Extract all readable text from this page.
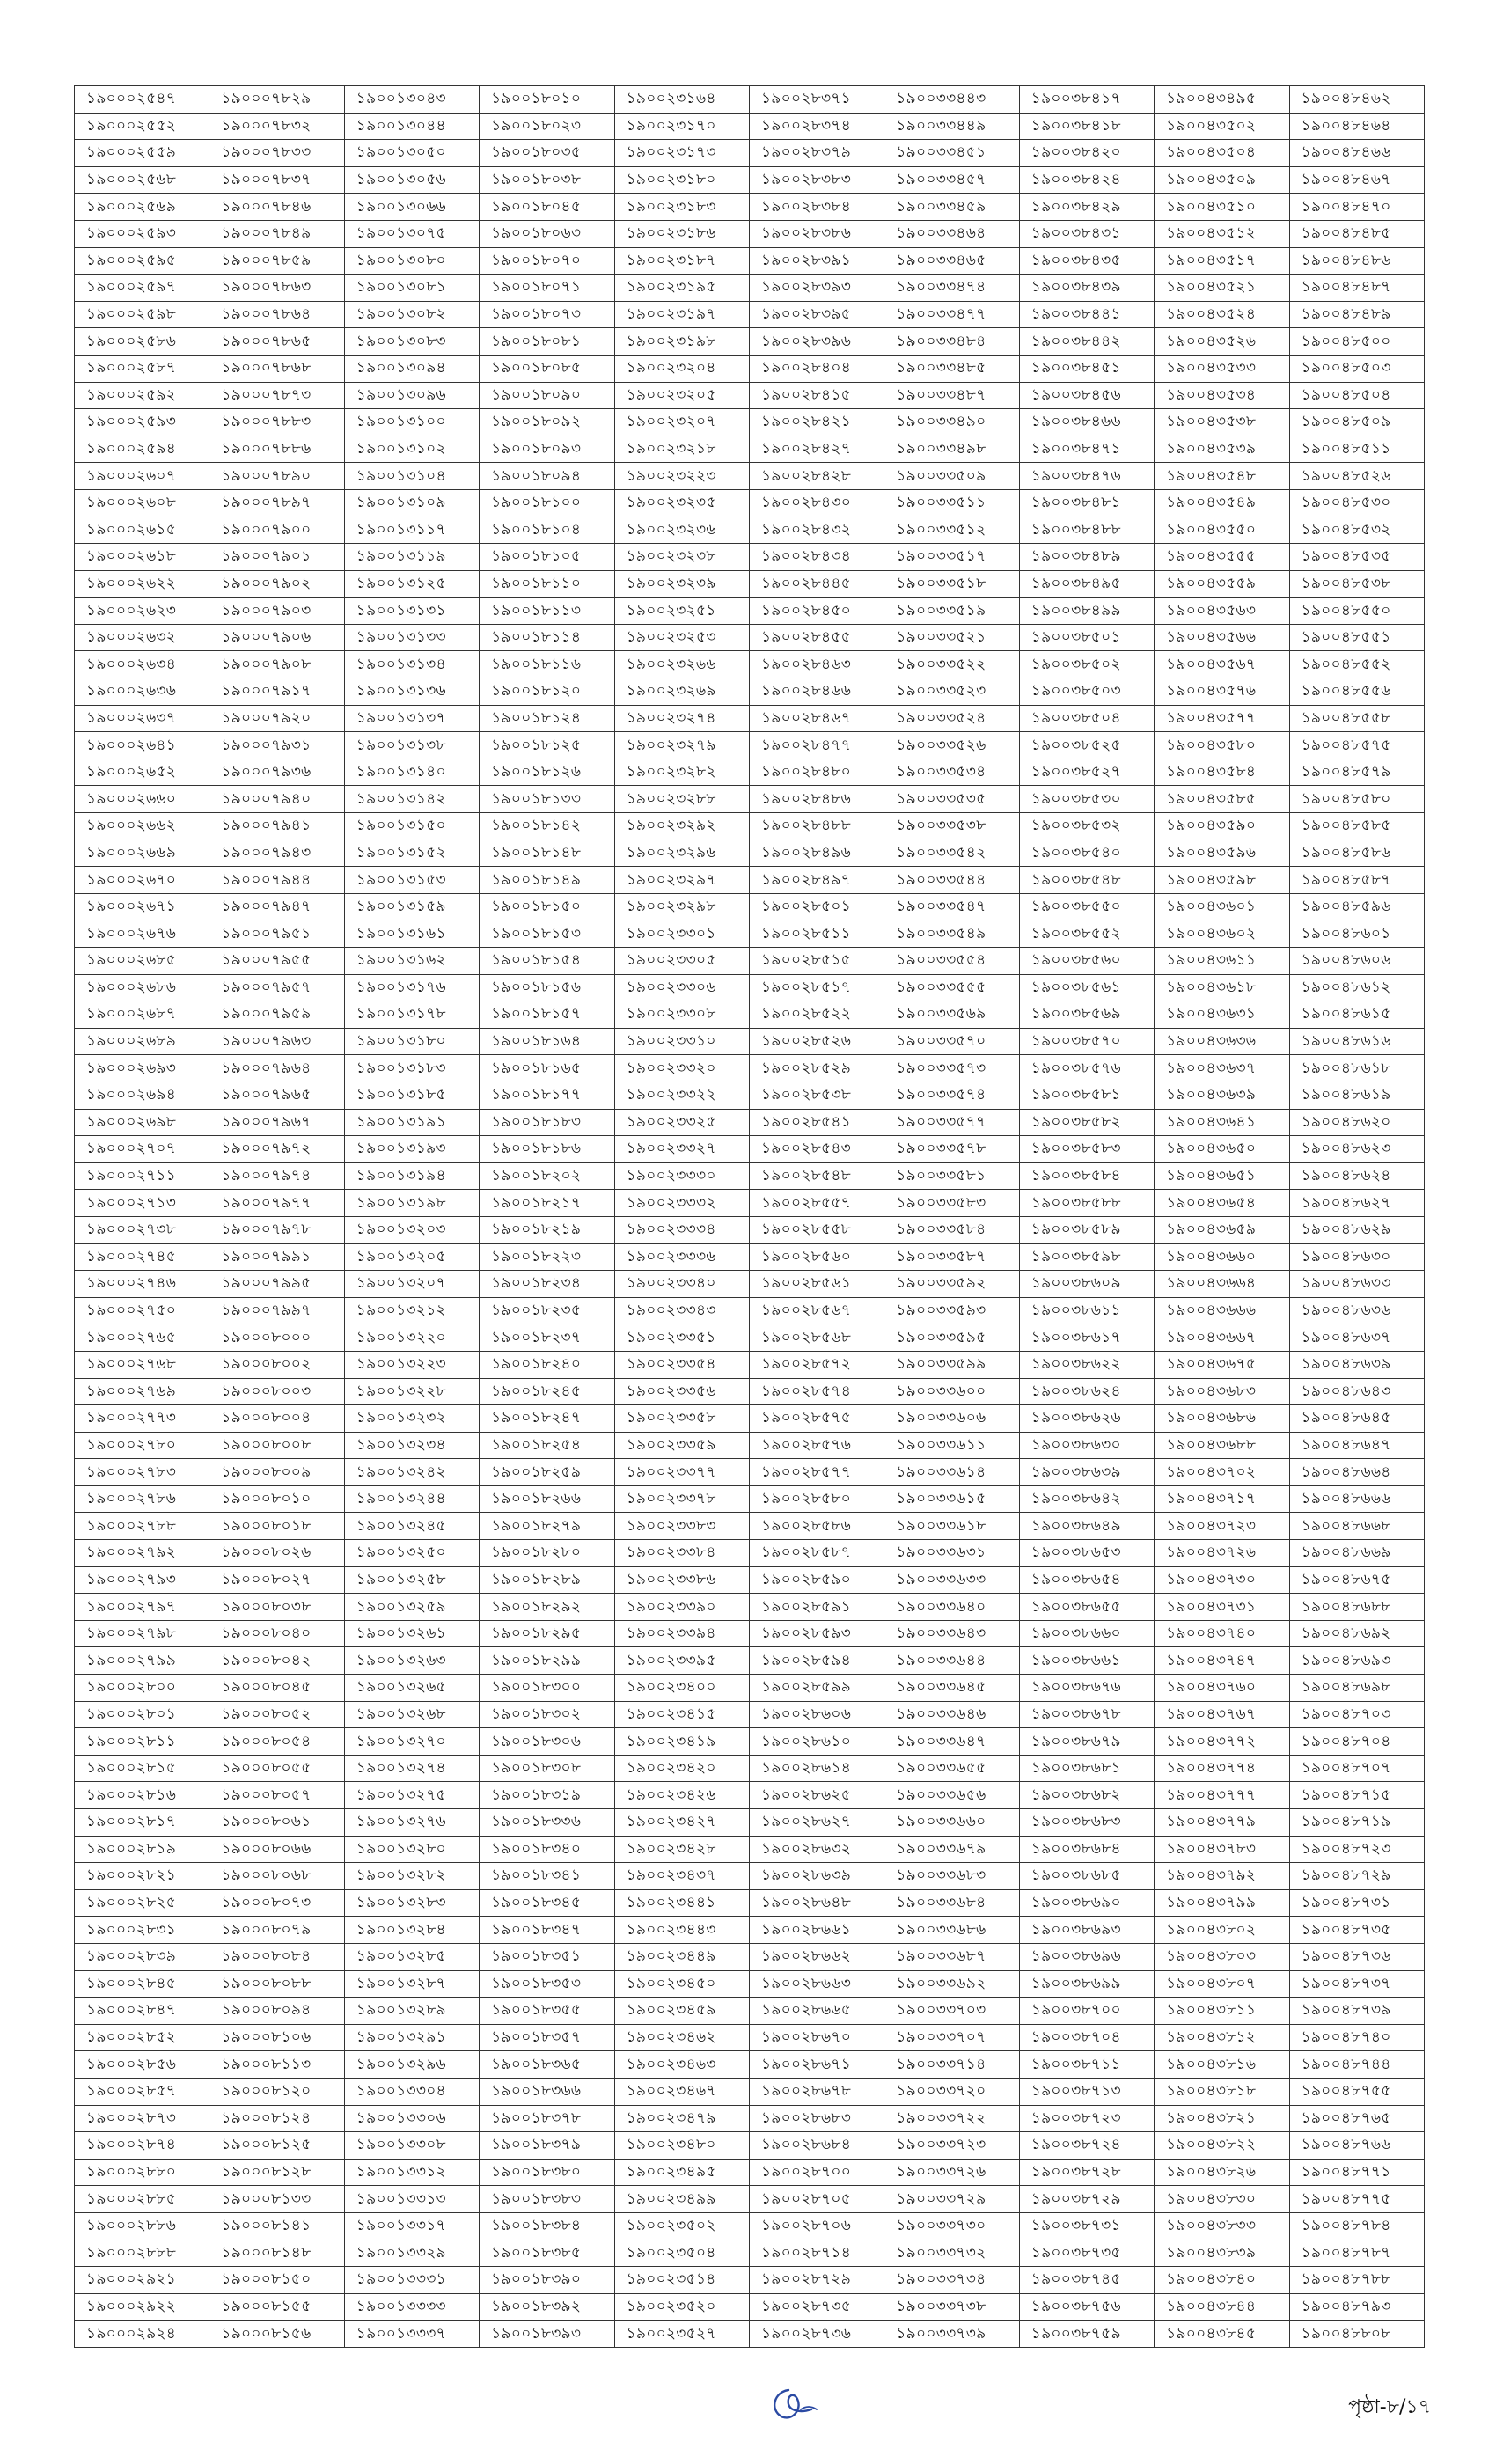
১৯০০০২৫৪৭	১৯০০০৭৮২৯	১৯০০১৩০৪৩	১৯০০১৮০১০	১৯০০২৩১৬৪	১৯০০২৮৩৭১	১৯০০৩৩৪৪৩	১৯০০৩৮৪১৭	১৯০০৪৩৪৯৫	১৯০০৪৮৪৬২
১৯০০০২৫৫২	১৯০০০৭৮৩২	১৯০০১৩০৪৪	১৯০০১৮০২৩	১৯০০২৩১৭০	১৯০০২৮৩৭৪	১৯০০৩৩৪৪৯	১৯০০৩৮৪১৮	১৯০০৪৩৫০২	১৯০০৪৮৪৬৪
১৯০০০২৫৫৯	১৯০০০৭৮৩৩	১৯০০১৩০৫০	১৯০০১৮০৩৫	১৯০০২৩১৭৩	১৯০০২৮৩৭৯	১৯০০৩৩৪৫১	১৯০০৩৮৪২০	১৯০০৪৩৫০৪	১৯০০৪৮৪৬৬
১৯০০০২৫৬৮	১৯০০০৭৮৩৭	১৯০০১৩০৫৬	১৯০০১৮০৩৮	১৯০০২৩১৮০	১৯০০২৮৩৮৩	১৯০০৩৩৪৫৭	১৯০০৩৮৪২৪	১৯০০৪৩৫০৯	১৯০০৪৮৪৬৭
১৯০০০২৫৬৯	১৯০০০৭৮৪৬	১৯০০১৩০৬৬	১৯০০১৮০৪৫	১৯০০২৩১৮৩	১৯০০২৮৩৮৪	১৯০০৩৩৪৫৯	১৯০০৩৮৪২৯	১৯০০৪৩৫১০	১৯০০৪৮৪৭০
১৯০০০২৫৯৩	১৯০০০৭৮৪৯	১৯০০১৩০৭৫	১৯০০১৮০৬৩	১৯০০২৩১৮৬	১৯০০২৮৩৮৬	১৯০০৩৩৪৬৪	১৯০০৩৮৪৩১	১৯০০৪৩৫১২	১৯০০৪৮৪৮৫
১৯০০০২৫৯৫	১৯০০০৭৮৫৯	১৯০০১৩০৮০	১৯০০১৮০৭০	১৯০০২৩১৮৭	১৯০০২৮৩৯১	১৯০০৩৩৪৬৫	১৯০০৩৮৪৩৫	১৯০০৪৩৫১৭	১৯০০৪৮৪৮৬
১৯০০০২৫৯৭	১৯০০০৭৮৬৩	১৯০০১৩০৮১	১৯০০১৮০৭১	১৯০০২৩১৯৫	১৯০০২৮৩৯৩	১৯০০৩৩৪৭৪	১৯০০৩৮৪৩৯	১৯০০৪৩৫২১	১৯০০৪৮৪৮৭
১৯০০০২৫৯৮	১৯০০০৭৮৬৪	১৯০০১৩০৮২	১৯০০১৮০৭৩	১৯০০২৩১৯৭	১৯০০২৮৩৯৫	১৯০০৩৩৪৭৭	১৯০০৩৮৪৪১	১৯০০৪৩৫২৪	১৯০০৪৮৪৮৯
১৯০০০২৫৮৬	১৯০০০৭৮৬৫	১৯০০১৩০৮৩	১৯০০১৮০৮১	১৯০০২৩১৯৮	১৯০০২৮৩৯৬	১৯০০৩৩৪৮৪	১৯০০৩৮৪৪২	১৯০০৪৩৫২৬	১৯০০৪৮৫০০
১৯০০০২৫৮৭	১৯০০০৭৮৬৮	১৯০০১৩০৯৪	১৯০০১৮০৮৫	১৯০০২৩২০৪	১৯০০২৮৪০৪	১৯০০৩৩৪৮৫	১৯০০৩৮৪৫১	১৯০০৪৩৫৩৩	১৯০০৪৮৫০৩
১৯০০০২৫৯২	১৯০০০৭৮৭৩	১৯০০১৩০৯৬	১৯০০১৮০৯০	১৯০০২৩২০৫	১৯০০২৮৪১৫	১৯০০৩৩৪৮৭	১৯০০৩৮৪৫৬	১৯০০৪৩৫৩৪	১৯০০৪৮৫০৪
১৯০০০২৫৯৩	১৯০০০৭৮৮৩	১৯০০১৩১০০	১৯০০১৮০৯২	১৯০০২৩২০৭	১৯০০২৮৪২১	১৯০০৩৩৪৯০	১৯০০৩৮৪৬৬	১৯০০৪৩৫৩৮	১৯০০৪৮৫০৯
১৯০০০২৫৯৪	১৯০০০৭৮৮৬	১৯০০১৩১০২	১৯০০১৮০৯৩	১৯০০২৩২১৮	১৯০০২৮৪২৭	১৯০০৩৩৪৯৮	১৯০০৩৮৪৭১	১৯০০৪৩৫৩৯	১৯০০৪৮৫১১
১৯০০০২৬০৭	১৯০০০৭৮৯০	১৯০০১৩১০৪	১৯০০১৮০৯৪	১৯০০২৩২২৩	১৯০০২৮৪২৮	১৯০০৩৩৫০৯	১৯০০৩৮৪৭৬	১৯০০৪৩৫৪৮	১৯০০৪৮৫২৬
১৯০০০২৬০৮	১৯০০০৭৮৯৭	১৯০০১৩১০৯	১৯০০১৮১০০	১৯০০২৩২৩৫	১৯০০২৮৪৩০	১৯০০৩৩৫১১	১৯০০৩৮৪৮১	১৯০০৪৩৫৪৯	১৯০০৪৮৫৩০
১৯০০০২৬১৫	১৯০০০৭৯০০	১৯০০১৩১১৭	১৯০০১৮১০৪	১৯০০২৩২৩৬	১৯০০২৮৪৩২	১৯০০৩৩৫১২	১৯০০৩৮৪৮৮	১৯০০৪৩৫৫০	১৯০০৪৮৫৩২
১৯০০০২৬১৮	১৯০০০৭৯০১	১৯০০১৩১১৯	১৯০০১৮১০৫	১৯০০২৩২৩৮	১৯০০২৮৪৩৪	১৯০০৩৩৫১৭	১৯০০৩৮৪৮৯	১৯০০৪৩৫৫৫	১৯০০৪৮৫৩৫
১৯০০০২৬২২	১৯০০০৭৯০২	১৯০০১৩১২৫	১৯০০১৮১১০	১৯০০২৩২৩৯	১৯০০২৮৪৪৫	১৯০০৩৩৫১৮	১৯০০৩৮৪৯৫	১৯০০৪৩৫৫৯	১৯০০৪৮৫৩৮
১৯০০০২৬২৩	১৯০০০৭৯০৩	১৯০০১৩১৩১	১৯০০১৮১১৩	১৯০০২৩২৫১	১৯০০২৮৪৫০	১৯০০৩৩৫১৯	১৯০০৩৮৪৯৯	১৯০০৪৩৫৬৩	১৯০০৪৮৫৫০
১৯০০০২৬৩২	১৯০০০৭৯০৬	১৯০০১৩১৩৩	১৯০০১৮১১৪	১৯০০২৩২৫৩	১৯০০২৮৪৫৫	১৯০০৩৩৫২১	১৯০০৩৮৫০১	১৯০০৪৩৫৬৬	১৯০০৪৮৫৫১
১৯০০০২৬৩৪	১৯০০০৭৯০৮	১৯০০১৩১৩৪	১৯০০১৮১১৬	১৯০০২৩২৬৬	১৯০০২৮৪৬৩	১৯০০৩৩৫২২	১৯০০৩৮৫০২	১৯০০৪৩৫৬৭	১৯০০৪৮৫৫২
১৯০০০২৬৩৬	১৯০০০৭৯১৭	১৯০০১৩১৩৬	১৯০০১৮১২০	১৯০০২৩২৬৯	১৯০০২৮৪৬৬	১৯০০৩৩৫২৩	১৯০০৩৮৫০৩	১৯০০৪৩৫৭৬	১৯০০৪৮৫৫৬
১৯০০০২৬৩৭	১৯০০০৭৯২০	১৯০০১৩১৩৭	১৯০০১৮১২৪	১৯০০২৩২৭৪	১৯০০২৮৪৬৭	১৯০০৩৩৫২৪	১৯০০৩৮৫০৪	১৯০০৪৩৫৭৭	১৯০০৪৮৫৫৮
১৯০০০২৬৪১	১৯০০০৭৯৩১	১৯০০১৩১৩৮	১৯০০১৮১২৫	১৯০০২৩২৭৯	১৯০০২৮৪৭৭	১৯০০৩৩৫২৬	১৯০০৩৮৫২৫	১৯০০৪৩৫৮০	১৯০০৪৮৫৭৫
১৯০০০২৬৫২	১৯০০০৭৯৩৬	১৯০০১৩১৪০	১৯০০১৮১২৬	১৯০০২৩২৮২	১৯০০২৮৪৮০	১৯০০৩৩৫৩৪	১৯০০৩৮৫২৭	১৯০০৪৩৫৮৪	১৯০০৪৮৫৭৯
১৯০০০২৬৬০	১৯০০০৭৯৪০	১৯০০১৩১৪২	১৯০০১৮১৩৩	১৯০০২৩২৮৮	১৯০০২৮৪৮৬	১৯০০৩৩৫৩৫	১৯০০৩৮৫৩০	১৯০০৪৩৫৮৫	১৯০০৪৮৫৮০
১৯০০০২৬৬২	১৯০০০৭৯৪১	১৯০০১৩১৫০	১৯০০১৮১৪২	১৯০০২৩২৯২	১৯০০২৮৪৮৮	১৯০০৩৩৫৩৮	১৯০০৩৮৫৩২	১৯০০৪৩৫৯০	১৯০০৪৮৫৮৫
১৯০০০২৬৬৯	১৯০০০৭৯৪৩	১৯০০১৩১৫২	১৯০০১৮১৪৮	১৯০০২৩২৯৬	১৯০০২৮৪৯৬	১৯০০৩৩৫৪২	১৯০০৩৮৫৪০	১৯০০৪৩৫৯৬	১৯০০৪৮৫৮৬
১৯০০০২৬৭০	১৯০০০৭৯৪৪	১৯০০১৩১৫৩	১৯০০১৮১৪৯	১৯০০২৩২৯৭	১৯০০২৮৪৯৭	১৯০০৩৩৫৪৪	১৯০০৩৮৫৪৮	১৯০০৪৩৫৯৮	১৯০০৪৮৫৮৭
১৯০০০২৬৭১	১৯০০০৭৯৪৭	১৯০০১৩১৫৯	১৯০০১৮১৫০	১৯০০২৩২৯৮	১৯০০২৮৫০১	১৯০০৩৩৫৪৭	১৯০০৩৮৫৫০	১৯০০৪৩৬০১	১৯০০৪৮৫৯৬
১৯০০০২৬৭৬	১৯০০০৭৯৫১	১৯০০১৩১৬১	১৯০০১৮১৫৩	১৯০০২৩৩০১	১৯০০২৮৫১১	১৯০০৩৩৫৪৯	১৯০০৩৮৫৫২	১৯০০৪৩৬০২	১৯০০৪৮৬০১
১৯০০০২৬৮৫	১৯০০০৭৯৫৫	১৯০০১৩১৬২	১৯০০১৮১৫৪	১৯০০২৩৩০৫	১৯০০২৮৫১৫	১৯০০৩৩৫৫৪	১৯০০৩৮৫৬০	১৯০০৪৩৬১১	১৯০০৪৮৬০৬
১৯০০০২৬৮৬	১৯০০০৭৯৫৭	১৯০০১৩১৭৬	১৯০০১৮১৫৬	১৯০০২৩৩০৬	১৯০০২৮৫১৭	১৯০০৩৩৫৫৫	১৯০০৩৮৫৬১	১৯০০৪৩৬১৮	১৯০০৪৮৬১২
১৯০০০২৬৮৭	১৯০০০৭৯৫৯	১৯০০১৩১৭৮	১৯০০১৮১৫৭	১৯০০২৩৩০৮	১৯০০২৮৫২২	১৯০০৩৩৫৬৯	১৯০০৩৮৫৬৯	১৯০০৪৩৬৩১	১৯০০৪৮৬১৫
১৯০০০২৬৮৯	১৯০০০৭৯৬৩	১৯০০১৩১৮০	১৯০০১৮১৬৪	১৯০০২৩৩১০	১৯০০২৮৫২৬	১৯০০৩৩৫৭০	১৯০০৩৮৫৭০	১৯০০৪৩৬৩৬	১৯০০৪৮৬১৬
১৯০০০২৬৯৩	১৯০০০৭৯৬৪	১৯০০১৩১৮৩	১৯০০১৮১৬৫	১৯০০২৩৩২০	১৯০০২৮৫২৯	১৯০০৩৩৫৭৩	১৯০০৩৮৫৭৬	১৯০০৪৩৬৩৭	১৯০০৪৮৬১৮
১৯০০০২৬৯৪	১৯০০০৭৯৬৫	১৯০০১৩১৮৫	১৯০০১৮১৭৭	১৯০০২৩৩২২	১৯০০২৮৫৩৮	১৯০০৩৩৫৭৪	১৯০০৩৮৫৮১	১৯০০৪৩৬৩৯	১৯০০৪৮৬১৯
১৯০০০২৬৯৮	১৯০০০৭৯৬৭	১৯০০১৩১৯১	১৯০০১৮১৮৩	১৯০০২৩৩২৫	১৯০০২৮৫৪১	১৯০০৩৩৫৭৭	১৯০০৩৮৫৮২	১৯০০৪৩৬৪১	১৯০০৪৮৬২০
১৯০০০২৭০৭	১৯০০০৭৯৭২	১৯০০১৩১৯৩	১৯০০১৮১৮৬	১৯০০২৩৩২৭	১৯০০২৮৫৪৩	১৯০০৩৩৫৭৮	১৯০০৩৮৫৮৩	১৯০০৪৩৬৫০	১৯০০৪৮৬২৩
১৯০০০২৭১১	১৯০০০৭৯৭৪	১৯০০১৩১৯৪	১৯০০১৮২০২	১৯০০২৩৩৩০	১৯০০২৮৫৪৮	১৯০০৩৩৫৮১	১৯০০৩৮৫৮৪	১৯০০৪৩৬৫১	১৯০০৪৮৬২৪
১৯০০০২৭১৩	১৯০০০৭৯৭৭	১৯০০১৩১৯৮	১৯০০১৮২১৭	১৯০০২৩৩৩২	১৯০০২৮৫৫৭	১৯০০৩৩৫৮৩	১৯০০৩৮৫৮৮	১৯০০৪৩৬৫৪	১৯০০৪৮৬২৭
১৯০০০২৭৩৮	১৯০০০৭৯৭৮	১৯০০১৩২০৩	১৯০০১৮২১৯	১৯০০২৩৩৩৪	১৯০০২৮৫৫৮	১৯০০৩৩৫৮৪	১৯০০৩৮৫৮৯	১৯০০৪৩৬৫৯	১৯০০৪৮৬২৯
১৯০০০২৭৪৫	১৯০০০৭৯৯১	১৯০০১৩২০৫	১৯০০১৮২২৩	১৯০০২৩৩৩৬	১৯০০২৮৫৬০	১৯০০৩৩৫৮৭	১৯০০৩৮৫৯৮	১৯০০৪৩৬৬০	১৯০০৪৮৬৩০
১৯০০০২৭৪৬	১৯০০০৭৯৯৫	১৯০০১৩২০৭	১৯০০১৮২৩৪	১৯০০২৩৩৪০	১৯০০২৮৫৬১	১৯০০৩৩৫৯২	১৯০০৩৮৬০৯	১৯০০৪৩৬৬৪	১৯০০৪৮৬৩৩
১৯০০০২৭৫০	১৯০০০৭৯৯৭	১৯০০১৩২১২	১৯০০১৮২৩৫	১৯০০২৩৩৪৩	১৯০০২৮৫৬৭	১৯০০৩৩৫৯৩	১৯০০৩৮৬১১	১৯০০৪৩৬৬৬	১৯০০৪৮৬৩৬
১৯০০০২৭৬৫	১৯০০০৮০০০	১৯০০১৩২২০	১৯০০১৮২৩৭	১৯০০২৩৩৫১	১৯০০২৮৫৬৮	১৯০০৩৩৫৯৫	১৯০০৩৮৬১৭	১৯০০৪৩৬৬৭	১৯০০৪৮৬৩৭
১৯০০০২৭৬৮	১৯০০০৮০০২	১৯০০১৩২২৩	১৯০০১৮২৪০	১৯০০২৩৩৫৪	১৯০০২৮৫৭২	১৯০০৩৩৫৯৯	১৯০০৩৮৬২২	১৯০০৪৩৬৭৫	১৯০০৪৮৬৩৯
১৯০০০২৭৬৯	১৯০০০৮০০৩	১৯০০১৩২২৮	১৯০০১৮২৪৫	১৯০০২৩৩৫৬	১৯০০২৮৫৭৪	১৯০০৩৩৬০০	১৯০০৩৮৬২৪	১৯০০৪৩৬৮৩	১৯০০৪৮৬৪৩
১৯০০০২৭৭৩	১৯০০০৮০০৪	১৯০০১৩২৩২	১৯০০১৮২৪৭	১৯০০২৩৩৫৮	১৯০০২৮৫৭৫	১৯০০৩৩৬০৬	১৯০০৩৮৬২৬	১৯০০৪৩৬৮৬	১৯০০৪৮৬৪৫
১৯০০০২৭৮০	১৯০০০৮০০৮	১৯০০১৩২৩৪	১৯০০১৮২৫৪	১৯০০২৩৩৫৯	১৯০০২৮৫৭৬	১৯০০৩৩৬১১	১৯০০৩৮৬৩০	১৯০০৪৩৬৮৮	১৯০০৪৮৬৪৭
১৯০০০২৭৮৩	১৯০০০৮০০৯	১৯০০১৩২৪২	১৯০০১৮২৫৯	১৯০০২৩৩৭৭	১৯০০২৮৫৭৭	১৯০০৩৩৬১৪	১৯০০৩৮৬৩৯	১৯০০৪৩৭০২	১৯০০৪৮৬৬৪
১৯০০০২৭৮৬	১৯০০০৮০১০	১৯০০১৩২৪৪	১৯০০১৮২৬৬	১৯০০২৩৩৭৮	১৯০০২৮৫৮০	১৯০০৩৩৬১৫	১৯০০৩৮৬৪২	১৯০০৪৩৭১৭	১৯০০৪৮৬৬৬
১৯০০০২৭৮৮	১৯০০০৮০১৮	১৯০০১৩২৪৫	১৯০০১৮২৭৯	১৯০০২৩৩৮৩	১৯০০২৮৫৮৬	১৯০০৩৩৬১৮	১৯০০৩৮৬৪৯	১৯০০৪৩৭২৩	১৯০০৪৮৬৬৮
১৯০০০২৭৯২	১৯০০০৮০২৬	১৯০০১৩২৫০	১৯০০১৮২৮০	১৯০০২৩৩৮৪	১৯০০২৮৫৮৭	১৯০০৩৩৬৩১	১৯০০৩৮৬৫৩	১৯০০৪৩৭২৬	১৯০০৪৮৬৬৯
১৯০০০২৭৯৩	১৯০০০৮০২৭	১৯০০১৩২৫৮	১৯০০১৮২৮৯	১৯০০২৩৩৮৬	১৯০০২৮৫৯০	১৯০০৩৩৬৩৩	১৯০০৩৮৬৫৪	১৯০০৪৩৭৩০	১৯০০৪৮৬৭৫
১৯০০০২৭৯৭	১৯০০০৮০৩৮	১৯০০১৩২৫৯	১৯০০১৮২৯২	১৯০০২৩৩৯০	১৯০০২৮৫৯১	১৯০০৩৩৬৪০	১৯০০৩৮৬৫৫	১৯০০৪৩৭৩১	১৯০০৪৮৬৮৮
১৯০০০২৭৯৮	১৯০০০৮০৪০	১৯০০১৩২৬১	১৯০০১৮২৯৫	১৯০০২৩৩৯৪	১৯০০২৮৫৯৩	১৯০০৩৩৬৪৩	১৯০০৩৮৬৬০	১৯০০৪৩৭৪০	১৯০০৪৮৬৯২
১৯০০০২৭৯৯	১৯০০০৮০৪২	১৯০০১৩২৬৩	১৯০০১৮২৯৯	১৯০০২৩৩৯৫	১৯০০২৮৫৯৪	১৯০০৩৩৬৪৪	১৯০০৩৮৬৬১	১৯০০৪৩৭৪৭	১৯০০৪৮৬৯৩
১৯০০০২৮০০	১৯০০০৮০৪৫	১৯০০১৩২৬৫	১৯০০১৮৩০০	১৯০০২৩৪০০	১৯০০২৮৫৯৯	১৯০০৩৩৬৪৫	১৯০০৩৮৬৭৬	১৯০০৪৩৭৬০	১৯০০৪৮৬৯৮
১৯০০০২৮০১	১৯০০০৮০৫২	১৯০০১৩২৬৮	১৯০০১৮৩০২	১৯০০২৩৪১৫	১৯০০২৮৬০৬	১৯০০৩৩৬৪৬	১৯০০৩৮৬৭৮	১৯০০৪৩৭৬৭	১৯০০৪৮৭০৩
১৯০০০২৮১১	১৯০০০৮০৫৪	১৯০০১৩২৭০	১৯০০১৮৩০৬	১৯০০২৩৪১৯	১৯০০২৮৬১০	১৯০০৩৩৬৪৭	১৯০০৩৮৬৭৯	১৯০০৪৩৭৭২	১৯০০৪৮৭০৪
১৯০০০২৮১৫	১৯০০০৮০৫৫	১৯০০১৩২৭৪	১৯০০১৮৩০৮	১৯০০২৩৪২০	১৯০০২৮৬১৪	১৯০০৩৩৬৫৫	১৯০০৩৮৬৮১	১৯০০৪৩৭৭৪	১৯০০৪৮৭০৭
১৯০০০২৮১৬	১৯০০০৮০৫৭	১৯০০১৩২৭৫	১৯০০১৮৩১৯	১৯০০২৩৪২৬	১৯০০২৮৬২৫	১৯০০৩৩৬৫৬	১৯০০৩৮৬৮২	১৯০০৪৩৭৭৭	১৯০০৪৮৭১৫
১৯০০০২৮১৭	১৯০০০৮০৬১	১৯০০১৩২৭৬	১৯০০১৮৩৩৬	১৯০০২৩৪২৭	১৯০০২৮৬২৭	১৯০০৩৩৬৬০	১৯০০৩৮৬৮৩	১৯০০৪৩৭৭৯	১৯০০৪৮৭১৯
১৯০০০২৮১৯	১৯০০০৮০৬৬	১৯০০১৩২৮০	১৯০০১৮৩৪০	১৯০০২৩৪২৮	১৯০০২৮৬৩২	১৯০০৩৩৬৭৯	১৯০০৩৮৬৮৪	১৯০০৪৩৭৮৩	১৯০০৪৮৭২৩
১৯০০০২৮২১	১৯০০০৮০৬৮	১৯০০১৩২৮২	১৯০০১৮৩৪১	১৯০০২৩৪৩৭	১৯০০২৮৬৩৯	১৯০০৩৩৬৮৩	১৯০০৩৮৬৮৫	১৯০০৪৩৭৯২	১৯০০৪৮৭২৯
১৯০০০২৮২৫	১৯০০০৮০৭৩	১৯০০১৩২৮৩	১৯০০১৮৩৪৫	১৯০০২৩৪৪১	১৯০০২৮৬৪৮	১৯০০৩৩৬৮৪	১৯০০৩৮৬৯০	১৯০০৪৩৭৯৯	১৯০০৪৮৭৩১
১৯০০০২৮৩১	১৯০০০৮০৭৯	১৯০০১৩২৮৪	১৯০০১৮৩৪৭	১৯০০২৩৪৪৩	১৯০০২৮৬৬১	১৯০০৩৩৬৮৬	১৯০০৩৮৬৯৩	১৯০০৪৩৮০২	১৯০০৪৮৭৩৫
১৯০০০২৮৩৯	১৯০০০৮০৮৪	১৯০০১৩২৮৫	১৯০০১৮৩৫১	১৯০০২৩৪৪৯	১৯০০২৮৬৬২	১৯০০৩৩৬৮৭	১৯০০৩৮৬৯৬	১৯০০৪৩৮০৩	১৯০০৪৮৭৩৬
১৯০০০২৮৪৫	১৯০০০৮০৮৮	১৯০০১৩২৮৭	১৯০০১৮৩৫৩	১৯০০২৩৪৫০	১৯০০২৮৬৬৩	১৯০০৩৩৬৯২	১৯০০৩৮৬৯৯	১৯০০৪৩৮০৭	১৯০০৪৮৭৩৭
১৯০০০২৮৪৭	১৯০০০৮০৯৪	১৯০০১৩২৮৯	১৯০০১৮৩৫৫	১৯০০২৩৪৫৯	১৯০০২৮৬৬৫	১৯০০৩৩৭০৩	১৯০০৩৮৭০০	১৯০০৪৩৮১১	১৯০০৪৮৭৩৯
১৯০০০২৮৫২	১৯০০০৮১০৬	১৯০০১৩২৯১	১৯০০১৮৩৫৭	১৯০০২৩৪৬২	১৯০০২৮৬৭০	১৯০০৩৩৭০৭	১৯০০৩৮৭০৪	১৯০০৪৩৮১২	১৯০০৪৮৭৪০
১৯০০০২৮৫৬	১৯০০০৮১১৩	১৯০০১৩২৯৬	১৯০০১৮৩৬৫	১৯০০২৩৪৬৩	১৯০০২৮৬৭১	১৯০০৩৩৭১৪	১৯০০৩৮৭১১	১৯০০৪৩৮১৬	১৯০০৪৮৭৪৪
১৯০০০২৮৫৭	১৯০০০৮১২০	১৯০০১৩৩০৪	১৯০০১৮৩৬৬	১৯০০২৩৪৬৭	১৯০০২৮৬৭৮	১৯০০৩৩৭২০	১৯০০৩৮৭১৩	১৯০০৪৩৮১৮	১৯০০৪৮৭৫৫
১৯০০০২৮৭৩	১৯০০০৮১২৪	১৯০০১৩৩০৬	১৯০০১৮৩৭৮	১৯০০২৩৪৭৯	১৯০০২৮৬৮৩	১৯০০৩৩৭২২	১৯০০৩৮৭২৩	১৯০০৪৩৮২১	১৯০০৪৮৭৬৫
১৯০০০২৮৭৪	১৯০০০৮১২৫	১৯০০১৩৩০৮	১৯০০১৮৩৭৯	১৯০০২৩৪৮০	১৯০০২৮৬৮৪	১৯০০৩৩৭২৩	১৯০০৩৮৭২৪	১৯০০৪৩৮২২	১৯০০৪৮৭৬৬
১৯০০০২৮৮০	১৯০০০৮১২৮	১৯০০১৩৩১২	১৯০০১৮৩৮০	১৯০০২৩৪৯৫	১৯০০২৮৭০০	১৯০০৩৩৭২৬	১৯০০৩৮৭২৮	১৯০০৪৩৮২৬	১৯০০৪৮৭৭১
১৯০০০২৮৮৫	১৯০০০৮১৩৩	১৯০০১৩৩১৩	১৯০০১৮৩৮৩	১৯০০২৩৪৯৯	১৯০০২৮৭০৫	১৯০০৩৩৭২৯	১৯০০৩৮৭২৯	১৯০০৪৩৮৩০	১৯০০৪৮৭৭৫
১৯০০০২৮৮৬	১৯০০০৮১৪১	১৯০০১৩৩১৭	১৯০০১৮৩৮৪	১৯০০২৩৫০২	১৯০০২৮৭০৬	১৯০০৩৩৭৩০	১৯০০৩৮৭৩১	১৯০০৪৩৮৩৩	১৯০০৪৮৭৮৪
১৯০০০২৮৮৮	১৯০০০৮১৪৮	১৯০০১৩৩২৯	১৯০০১৮৩৮৫	১৯০০২৩৫০৪	১৯০০২৮৭১৪	১৯০০৩৩৭৩২	১৯০০৩৮৭৩৫	১৯০০৪৩৮৩৯	১৯০০৪৮৭৮৭
১৯০০০২৯২১	১৯০০০৮১৫০	১৯০০১৩৩৩১	১৯০০১৮৩৯০	১৯০০২৩৫১৪	১৯০০২৮৭২৯	১৯০০৩৩৭৩৪	১৯০০৩৮৭৪৫	১৯০০৪৩৮৪০	১৯০০৪৮৭৮৮
১৯০০০২৯২২	১৯০০০৮১৫৫	১৯০০১৩৩৩৩	১৯০০১৮৩৯২	১৯০০২৩৫২০	১৯০০২৮৭৩৫	১৯০০৩৩৭৩৮	১৯০০৩৮৭৫৬	১৯০০৪৩৮৪৪	১৯০০৪৮৭৯৩
১৯০০০২৯২৪	১৯০০০৮১৫৬	১৯০০১৩৩৩৭	১৯০০১৮৩৯৩	১৯০০২৩৫২৭	১৯০০২৮৭৩৬	১৯০০৩৩৭৩৯	১৯০০৩৮৭৫৯	১৯০০৪৩৮৪৫	১৯০০৪৮৮০৮
পৃষ্ঠা-৮/১৭
